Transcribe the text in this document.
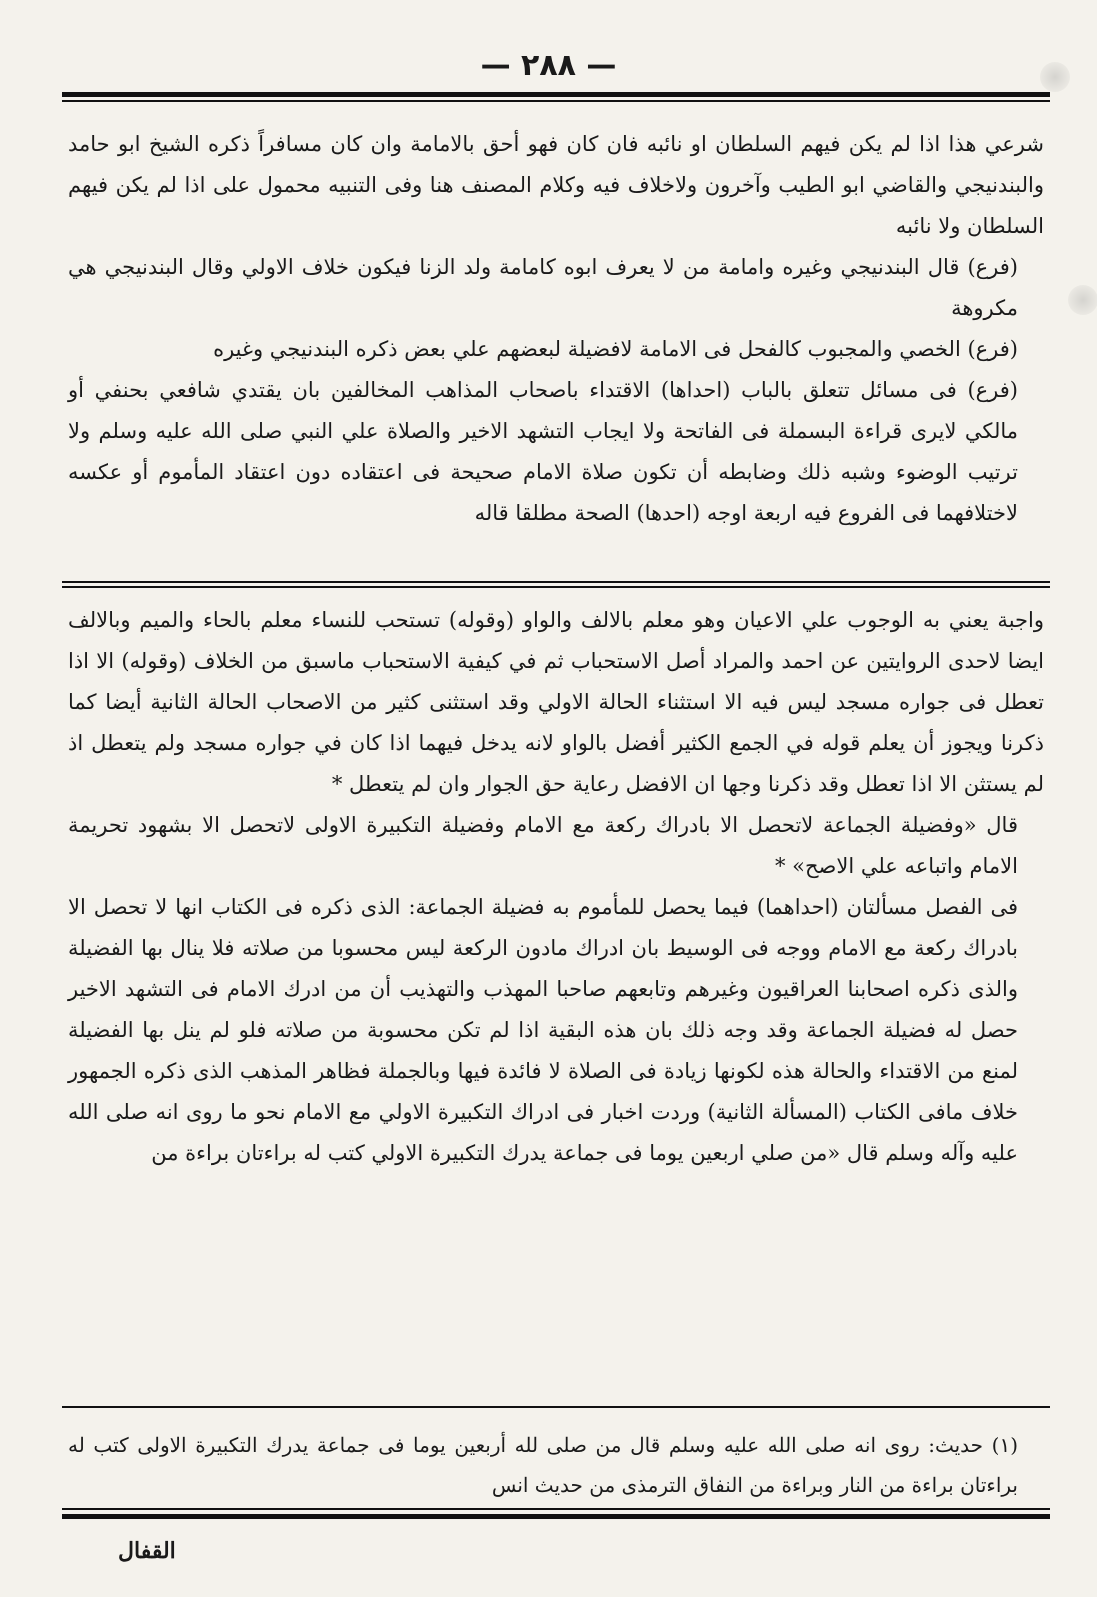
— ٢٨٨ —

شرعي هذا اذا لم يكن فيهم السلطان او نائبه فان كان فهو أحق بالامامة وان كان مسافراً ذكره الشيخ ابو حامد والبندنيجي والقاضي ابو الطيب وآخرون ولاخلاف فيه وكلام المصنف هنا وفى التنبيه محمول على اذا لم يكن فيهم السلطان ولا نائبه

(فرع) قال البندنيجي وغيره وامامة من لا يعرف ابوه كامامة ولد الزنا فيكون خلاف الاولي وقال البندنيجي هي مكروهة

(فرع) الخصي والمجبوب كالفحل فى الامامة لافضيلة لبعضهم علي بعض ذكره البندنيجي وغيره

(فرع) فى مسائل تتعلق بالباب (احداها) الاقتداء باصحاب المذاهب المخالفين بان يقتدي شافعي بحنفي أو مالكي لايرى قراءة البسملة فى الفاتحة ولا ايجاب التشهد الاخير والصلاة علي النبي صلى الله عليه وسلم ولا ترتيب الوضوء وشبه ذلك وضابطه أن تكون صلاة الامام صحيحة فى اعتقاده دون اعتقاد المأموم أو عكسه لاختلافهما فى الفروع فيه اربعة اوجه (احدها) الصحة مطلقا قاله

واجبة يعني به الوجوب علي الاعيان وهو معلم بالالف والواو (وقوله) تستحب للنساء معلم بالحاء والميم وبالالف ايضا لاحدى الروايتين عن احمد والمراد أصل الاستحباب ثم في كيفية الاستحباب ماسبق من الخلاف (وقوله) الا اذا تعطل فى جواره مسجد ليس فيه الا استثناء الحالة الاولي وقد استثنى كثير من الاصحاب الحالة الثانية أيضا كما ذكرنا ويجوز أن يعلم قوله في الجمع الكثير أفضل بالواو لانه يدخل فيهما اذا كان في جواره مسجد ولم يتعطل اذ لم يستثن الا اذا تعطل وقد ذكرنا وجها ان الافضل رعاية حق الجوار وان لم يتعطل *

قال «وفضيلة الجماعة لاتحصل الا بادراك ركعة مع الامام وفضيلة التكبيرة الاولى لاتحصل الا بشهود تحريمة الامام واتباعه علي الاصح» *

فى الفصل مسألتان (احداهما) فيما يحصل للمأموم به فضيلة الجماعة: الذى ذكره فى الكتاب انها لا تحصل الا بادراك ركعة مع الامام ووجه فى الوسيط بان ادراك مادون الركعة ليس محسوبا من صلاته فلا ينال بها الفضيلة والذى ذكره اصحابنا العراقيون وغيرهم وتابعهم صاحبا المهذب والتهذيب أن من ادرك الامام فى التشهد الاخير حصل له فضيلة الجماعة وقد وجه ذلك بان هذه البقية اذا لم تكن محسوبة من صلاته فلو لم ينل بها الفضيلة لمنع من الاقتداء والحالة هذه لكونها زيادة فى الصلاة لا فائدة فيها وبالجملة فظاهر المذهب الذى ذكره الجمهور خلاف مافى الكتاب (المسألة الثانية) وردت اخبار فى ادراك التكبيرة الاولي مع الامام نحو ما روى انه صلى الله عليه وآله وسلم قال «من صلي اربعين يوما فى جماعة يدرك التكبيرة الاولي كتب له براءتان براءة من

(١) حديث: روى انه صلى الله عليه وسلم قال من صلى لله أربعين يوما فى جماعة يدرك التكبيرة الاولى كتب له براءتان براءة من النار وبراءة من النفاق الترمذى من حديث انس

القفال
